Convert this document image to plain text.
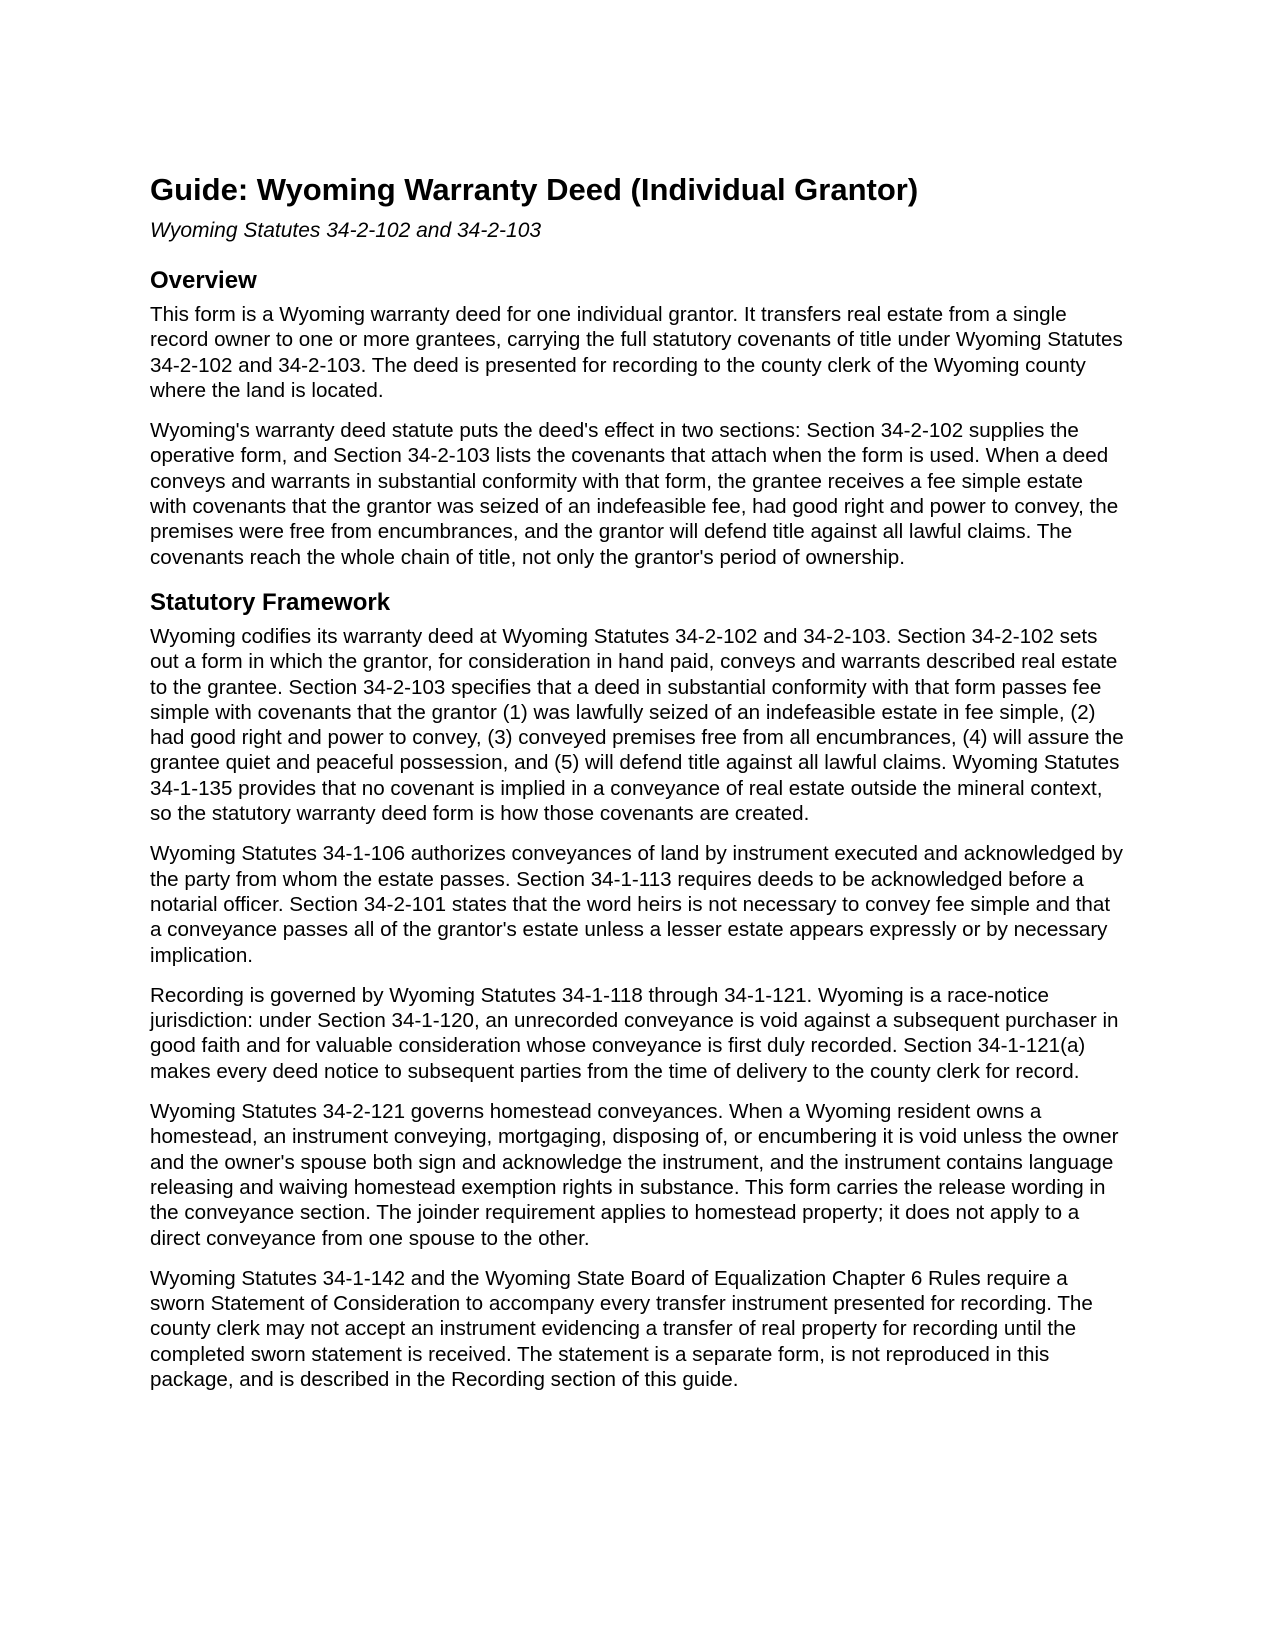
Guide: Wyoming Warranty Deed (Individual Grantor)
Wyoming Statutes 34-2-102 and 34-2-103
Overview

This form is a Wyoming warranty deed for one individual grantor. It transfers real estate from a single record owner to one or more grantees, carrying the full statutory covenants of title under Wyoming Statutes 34-2-102 and 34-2-103. The deed is presented for recording to the county clerk of the Wyoming county where the land is located.

Wyoming's warranty deed statute puts the deed's effect in two sections: Section 34-2-102 supplies the operative form, and Section 34-2-103 lists the covenants that attach when the form is used. When a deed conveys and warrants in substantial conformity with that form, the grantee receives a fee simple estate with covenants that the grantor was seized of an indefeasible fee, had good right and power to convey, the premises were free from encumbrances, and the grantor will defend title against all lawful claims. The covenants reach the whole chain of title, not only the grantor's period of ownership.

Statutory Framework

Wyoming codifies its warranty deed at Wyoming Statutes 34-2-102 and 34-2-103. Section 34-2-102 sets out a form in which the grantor, for consideration in hand paid, conveys and warrants described real estate to the grantee. Section 34-2-103 specifies that a deed in substantial conformity with that form passes fee simple with covenants that the grantor (1) was lawfully seized of an indefeasible estate in fee simple, (2) had good right and power to convey, (3) conveyed premises free from all encumbrances, (4) will assure the grantee quiet and peaceful possession, and (5) will defend title against all lawful claims. Wyoming Statutes 34-1-135 provides that no covenant is implied in a conveyance of real estate outside the mineral context, so the statutory warranty deed form is how those covenants are created.

Wyoming Statutes 34-1-106 authorizes conveyances of land by instrument executed and acknowledged by the party from whom the estate passes. Section 34-1-113 requires deeds to be acknowledged before a notarial officer. Section 34-2-101 states that the word heirs is not necessary to convey fee simple and that a conveyance passes all of the grantor's estate unless a lesser estate appears expressly or by necessary implication.

Recording is governed by Wyoming Statutes 34-1-118 through 34-1-121. Wyoming is a race-notice jurisdiction: under Section 34-1-120, an unrecorded conveyance is void against a subsequent purchaser in good faith and for valuable consideration whose conveyance is first duly recorded. Section 34-1-121(a) makes every deed notice to subsequent parties from the time of delivery to the county clerk for record.

Wyoming Statutes 34-2-121 governs homestead conveyances. When a Wyoming resident owns a homestead, an instrument conveying, mortgaging, disposing of, or encumbering it is void unless the owner and the owner's spouse both sign and acknowledge the instrument, and the instrument contains language releasing and waiving homestead exemption rights in substance. This form carries the release wording in the conveyance section. The joinder requirement applies to homestead property; it does not apply to a direct conveyance from one spouse to the other.

Wyoming Statutes 34-1-142 and the Wyoming State Board of Equalization Chapter 6 Rules require a sworn Statement of Consideration to accompany every transfer instrument presented for recording. The county clerk may not accept an instrument evidencing a transfer of real property for recording until the completed sworn statement is received. The statement is a separate form, is not reproduced in this package, and is described in the Recording section of this guide.
